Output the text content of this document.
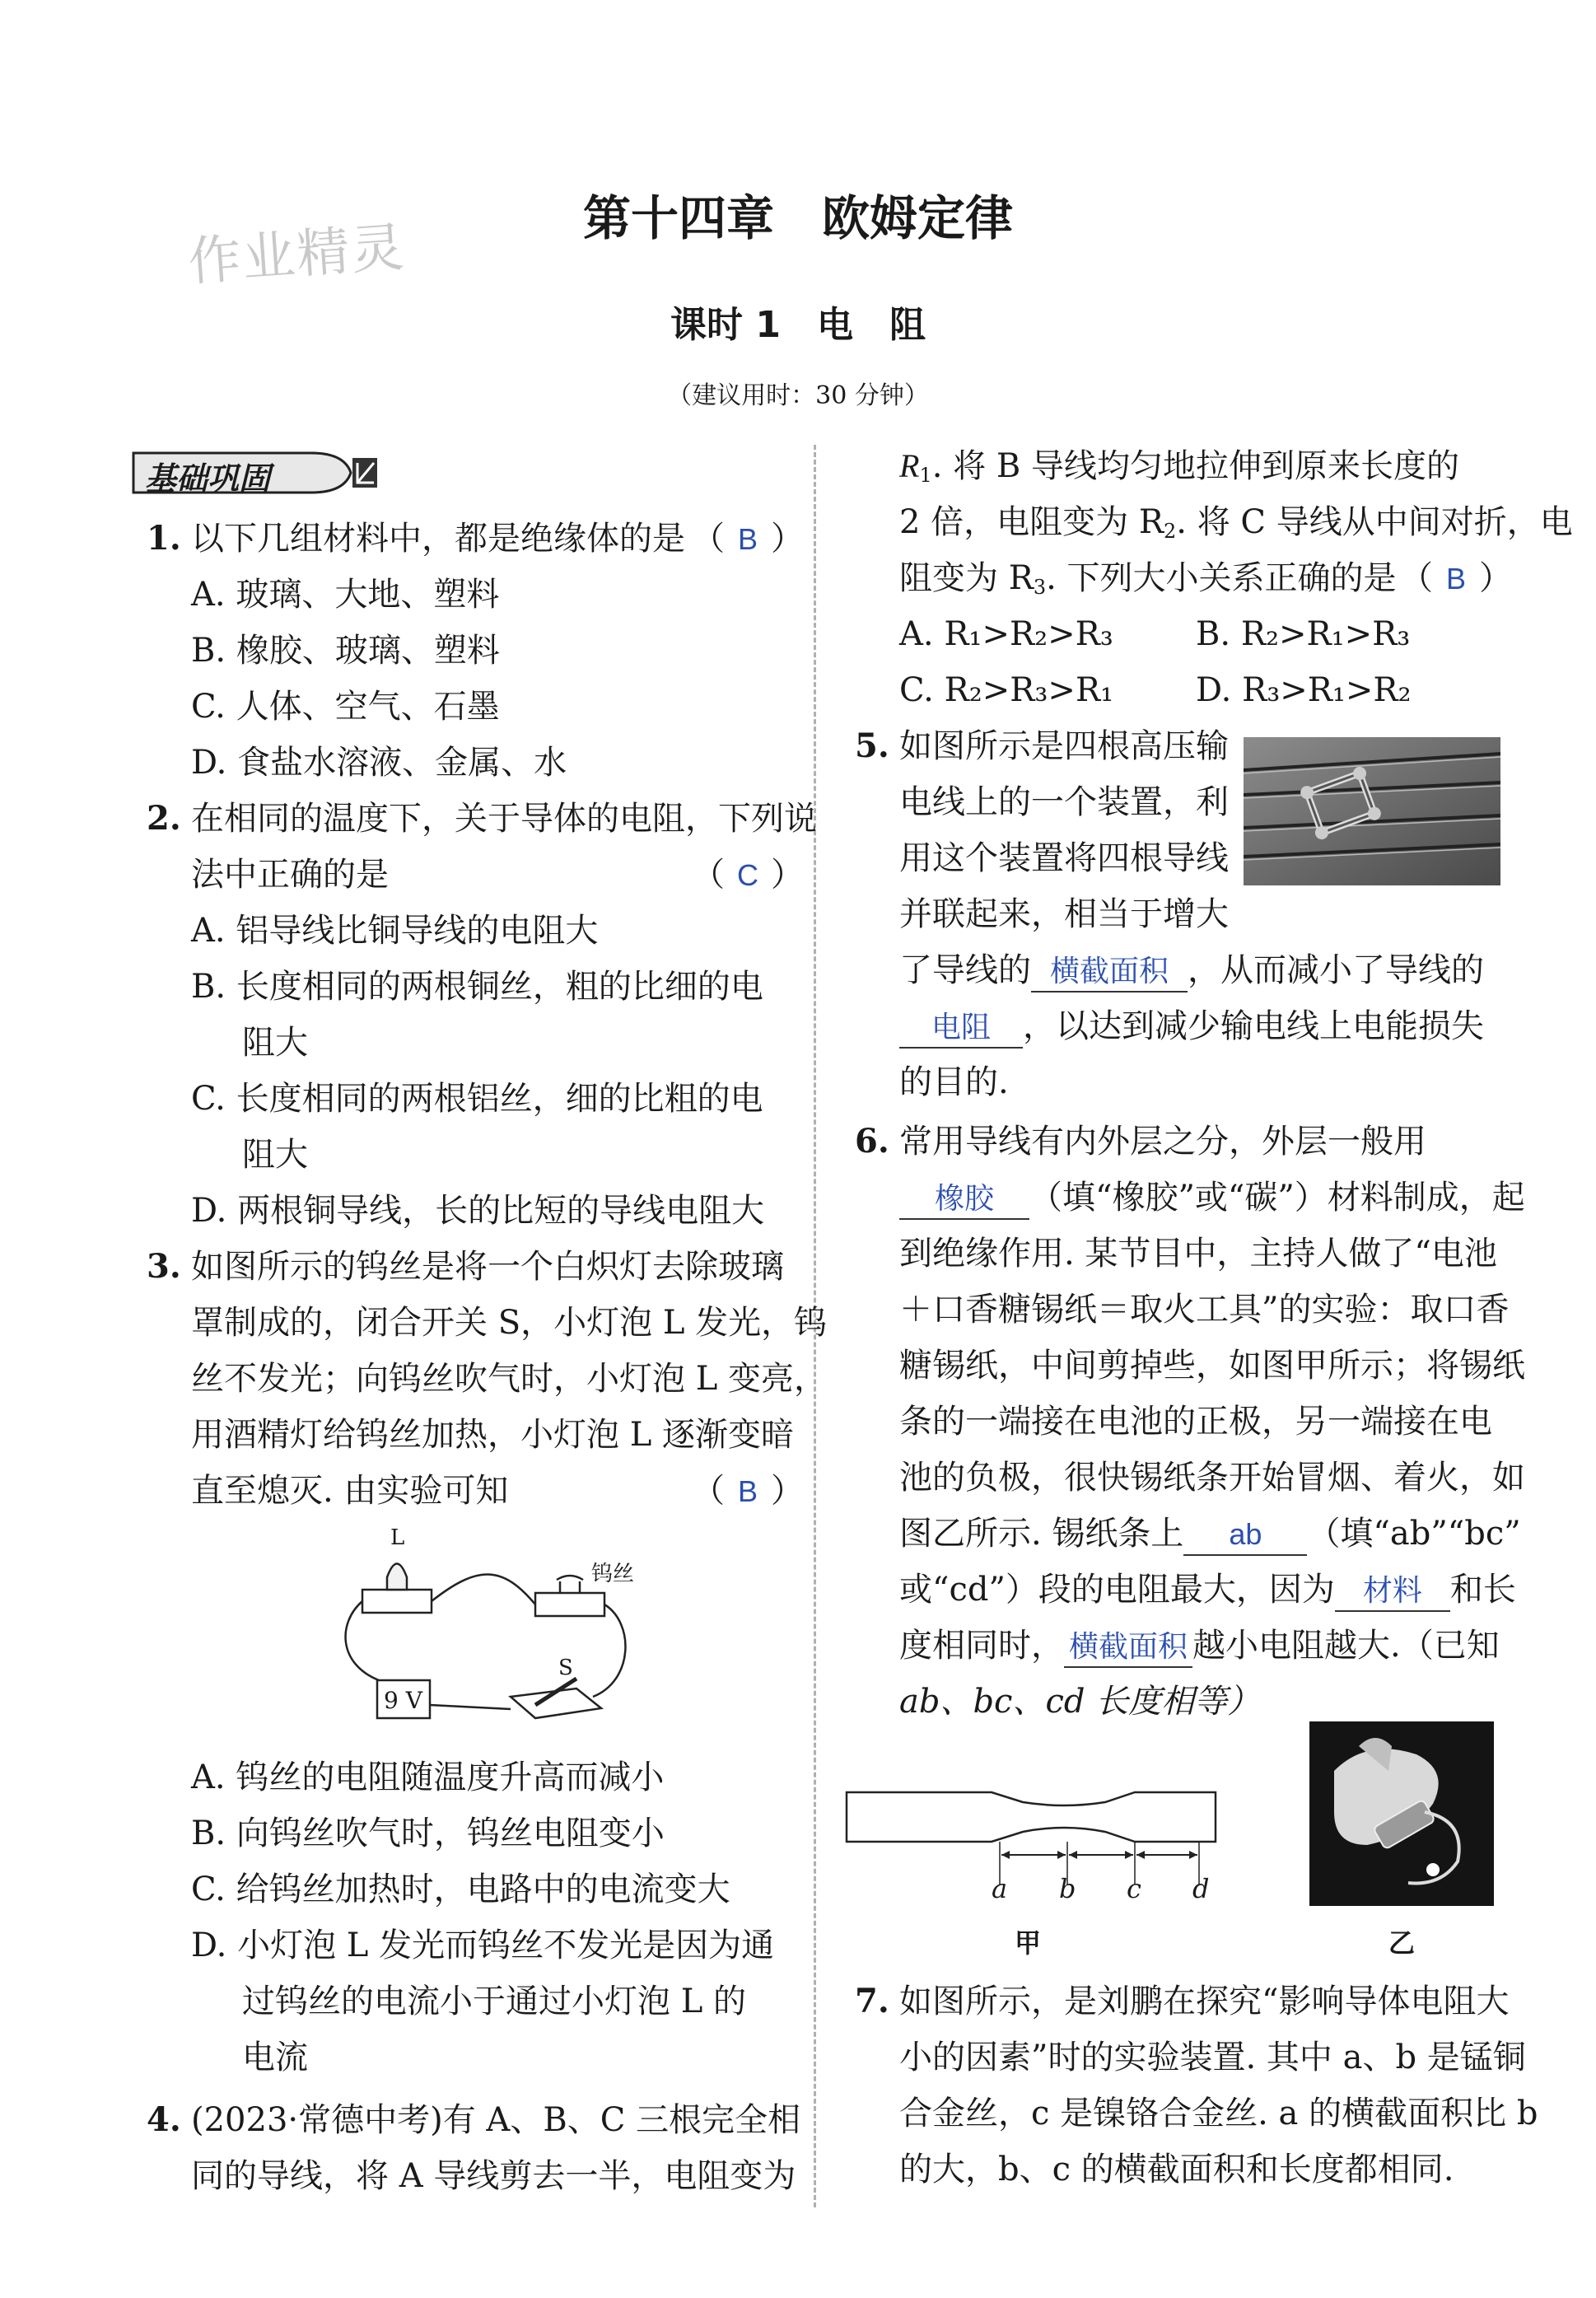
作业精灵	第十四章　欧姆定律
课时 1　电　阻
（建议用时：30 分钟）
基础巩固
1. 以下几组材料中，都是绝缘体的是 （ B ）
A. 玻璃、大地、塑料
B. 橡胶、玻璃、塑料
C. 人体、空气、石墨
D. 食盐水溶液、金属、水
2. 在相同的温度下，关于导体的电阻，下列说
法中正确的是	（ C ）
A. 铝导线比铜导线的电阻大
B. 长度相同的两根铜丝，粗的比细的电
阻大
C. 长度相同的两根铝丝，细的比粗的电
阻大
D. 两根铜导线，长的比短的导线电阻大
3. 如图所示的钨丝是将一个白炽灯去除玻璃
罩制成的，闭合开关 S，小灯泡 L 发光，钨
丝不发光；向钨丝吹气时，小灯泡 L 变亮，
用酒精灯给钨丝加热，小灯泡 L 逐渐变暗
直至熄灭. 由实验可知	（ B ）
L
钨丝
S
9 V
A. 钨丝的电阻随温度升高而减小
B. 向钨丝吹气时，钨丝电阻变小
C. 给钨丝加热时，电路中的电流变大
D. 小灯泡 L 发光而钨丝不发光是因为通
过钨丝的电流小于通过小灯泡 L 的
电流
4. (2023·常德中考)有 A、B、C 三根完全相
同的导线，将 A 导线剪去一半，电阻变为
$R_1$. 将 B 导线均匀地拉伸到原来长度的
2 倍，电阻变为 $R_2$. 将 C 导线从中间对折，电
阻变为 $R_3$. 下列大小关系正确的是 （ B ）
A. R₁>R₂>R₃	B. R₂>R₁>R₃
C. R₂>R₃>R₁ D. R₃>R₁>R₂
5. 如图所示是四根高压输
电线上的一个装置，利
用这个装置将四根导线
并联起来，相当于增大
了导线的 横截面积 ，从而减小了导线的
电阻 ，以达到减少输电线上电能损失
的目的.
6. 常用导线有内外层之分，外层一般用
橡胶 （填“橡胶”或“碳”）材料制成，起
到绝缘作用. 某节目中，主持人做了“电池
＋口香糖锡纸＝取火工具”的实验：取口香
糖锡纸，中间剪掉些，如图甲所示；将锡纸
条的一端接在电池的正极，另一端接在电
池的负极，很快锡纸条开始冒烟、着火，如
图乙所示. 锡纸条上 ab （填“ab”“bc”
或“cd”）段的电阻最大，因为 材料 和长
度相同时， 横截面积 越小电阻越大.（已知
ab、bc、cd 长度相等）
a b c d
甲	乙
7. 如图所示，是刘鹏在探究“影响导体电阻大
小的因素”时的实验装置. 其中 a、b 是锰铜
合金丝，c 是镍铬合金丝. a 的横截面积比 b
的大，b、c 的横截面积和长度都相同.
